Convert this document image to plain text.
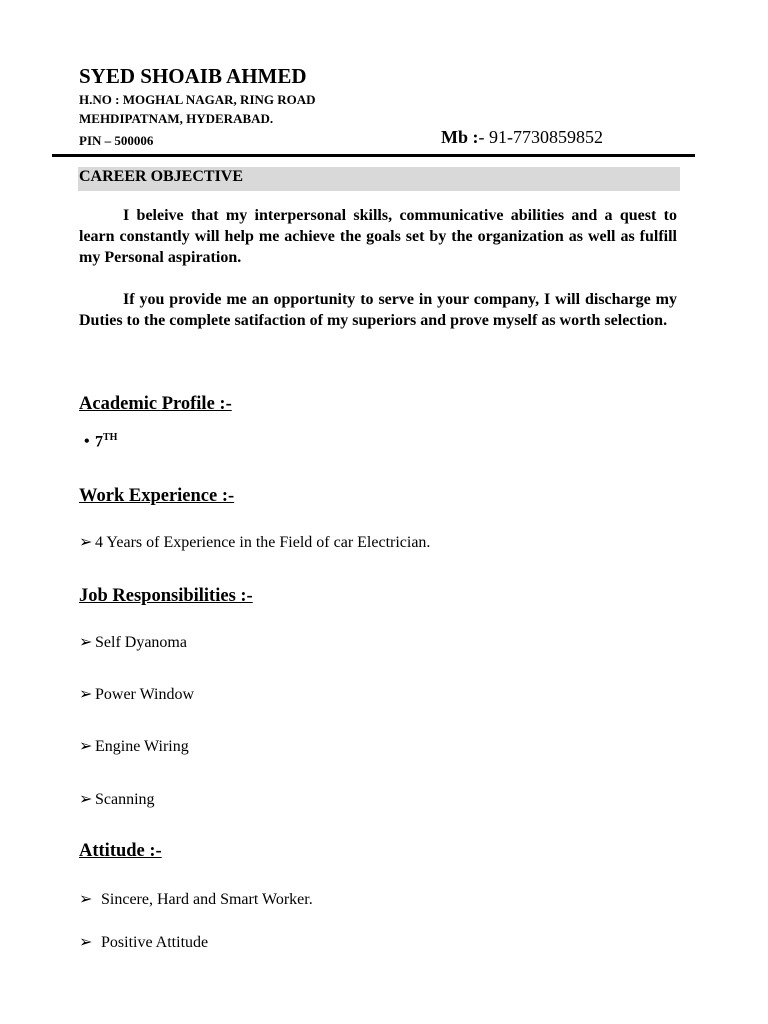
SYED SHOAIB AHMED
H.NO : MOGHAL NAGAR, RING ROAD
MEHDIPATNAM, HYDERABAD.
PIN – 500006	Mb :- 91-7730859852
CAREER OBJECTIVE
I beleive that my interpersonal skills, communicative abilities and a quest to learn constantly will help me achieve the goals set by the organization as well as fulfill my Personal aspiration.
If you provide me an opportunity to serve in your company, I will discharge my Duties to the complete satifaction of my superiors and prove myself as worth selection.
Academic Profile :-
• 7TH
Work Experience :-
➢ 4 Years of Experience in the Field of car Electrician.
Job Responsibilities :-
➢ Self Dyanoma
➢ Power Window
➢ Engine Wiring
➢ Scanning
Attitude :-
➢ Sincere, Hard and Smart Worker.
➢ Positive Attitude
